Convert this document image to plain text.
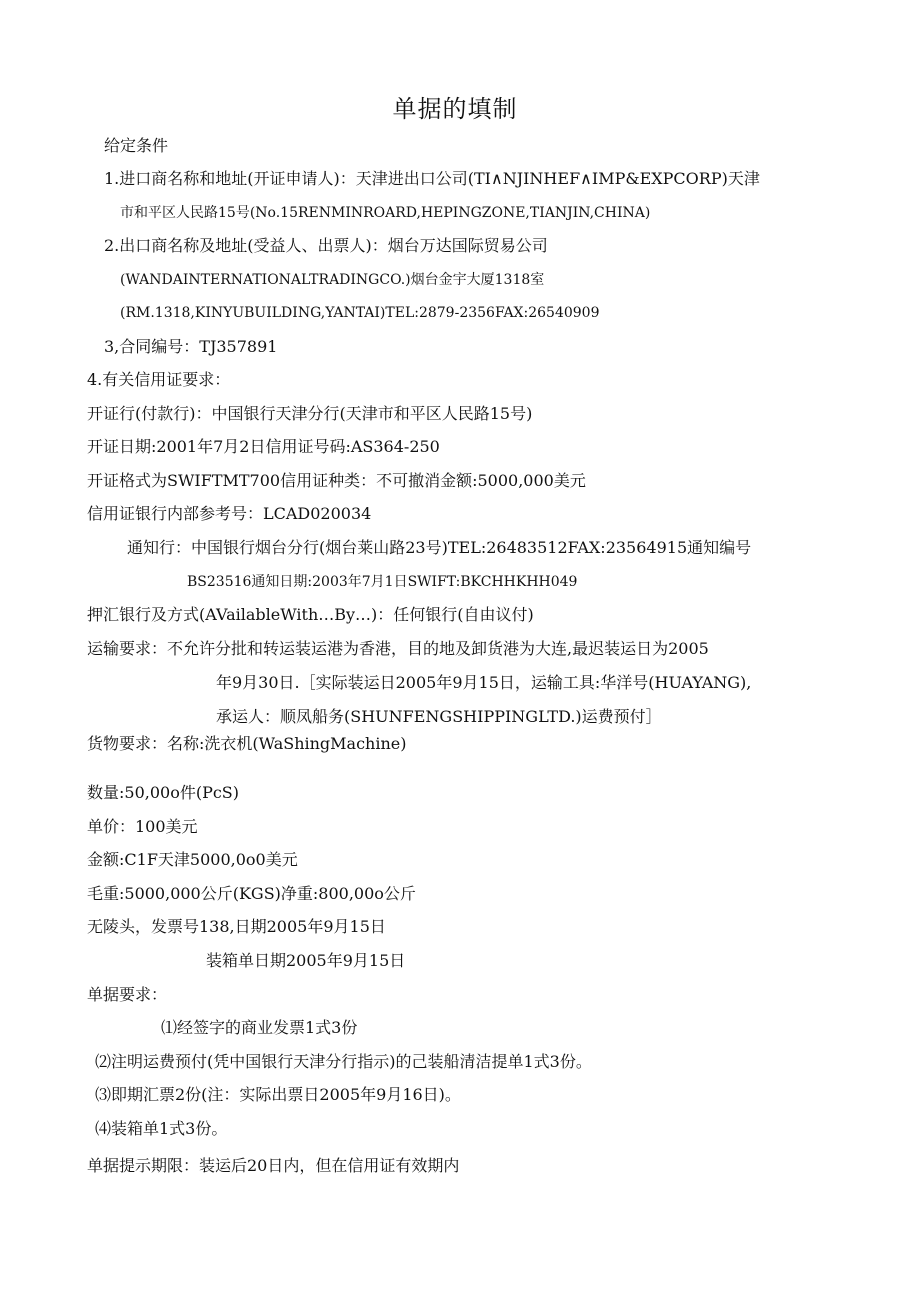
单据的填制
给定条件
1.进口商名称和地址(开证申请人)：天津进出口公司(TI∧NJINHEF∧IMP&EXPCORP)天津
市和平区人民路15号(No.15RENMINROARD,HEPINGZONE,TIANJIN,CHINA)
2.出口商名称及地址(受益人、出票人)：烟台万达国际贸易公司
(WANDAINTERNATIONALTRADINGCO.)烟台金宇大厦1318室
(RM.1318,KINYUBUILDING,YANTAI)TEL:2879-2356FAX:26540909
3,合同编号：TJ357891
4.有关信用证要求：
开证行(付款行)：中国银行天津分行(天津市和平区人民路15号)
开证日期:2001年7月2日信用证号码:AS364-250
开证格式为SWIFTMT700信用证种类：不可撤消金额:5000,000美元
信用证银行内部参考号：LCAD020034
通知行：中国银行烟台分行(烟台莱山路23号)TEL:26483512FAX:23564915通知编号
BS23516通知日期:2003年7月1日SWIFT:BKCHHKHH049
押汇银行及方式(AVailableWith…By…)：任何银行(自由议付)
运输要求：不允许分批和转运装运港为香港，目的地及卸货港为大连,最迟装运日为2005
年9月30日.［实际装运日2005年9月15日，运输工具:华洋号(HUAYANG),
承运人：顺凤船务(SHUNFENGSHIPPINGLTD.)运费预付］
货物要求：名称:洗衣机(WaShingMachine)
数量:50,00o件(PcS)
单价：100美元
金额:C1F天津5000,0o0美元
毛重:5000,000公斤(KGS)净重:800,00o公斤
无陵头，发票号138,日期2005年9月15日
装箱单日期2005年9月15日
单据要求：
⑴经签字的商业发票1式3份
⑵注明运费预付(凭中国银行天津分行指示)的己装船清洁提单1式3份。
⑶即期汇票2份(注：实际出票日2005年9月16日)。
⑷装箱单1式3份。
单据提示期限：装运后20日内，但在信用证有效期内
